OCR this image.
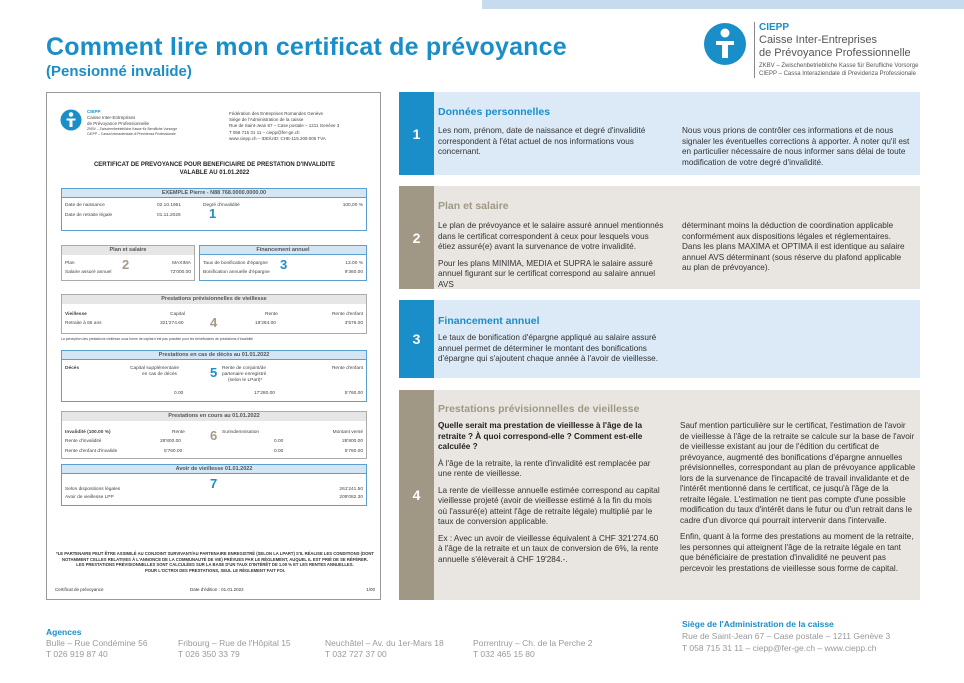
Comment lire mon certificat de prévoyance
(Pensionné invalide)
CIEPP
Caisse Inter-Entreprises
de Prévoyance Professionnelle
ZKBV – Zwischenbetriebliche Kasse für Berufliche Vorsorge
CIEPP – Cassa Interaziendale di Previdenza Professionale
CIEPP
Caisse Inter-Entreprises
de Prévoyance Professionnelle
ZKBV – Zwischenbetriebliche Kasse für Berufliche Vorsorge
CIEPP – Cassa Interaziendale di Previdenza Professionale
Fédération des Entreprises Romandes Genève
Siège de l'Administration de la caisse
Rue de Saint-Jean 67 – Case postale – 1211 Genève 3
T 058 715 31 11 – ciepp@fer-ge.ch
www.ciepp.ch – IDE/UID: CHE-115.209.005 TVA
CERTIFICAT DE PREVOYANCE POUR BENEFICIAIRE DE PRESTATION D'INVALIDITE
VALABLE AU 01.01.2022
EXEMPLE Pierre - N88 768.0000.0000.00
Date de naissance	02.10.1961
Date de retraite légale	01.11.2026
Degré d'invalidité	100,00 %
1
Plan et salaire
Plan	MAXIMA
Salaire assuré annuel	72'000.00
2
Financement annuel
Taux de bonification d'épargne	13.00 %
Bonification annuelle d'épargne	9'360.00
3
Prestations prévisionnelles de vieillesse
Vieillesse	Capital	Rente	Rente d'enfant
Retraite à 65 ans	321'274.60	19'284.00	3'576.00
4
La perception des prestations vieillesse sous forme de capital n'est pas possible pour les bénéficiaires de prestations d'invalidité
Prestations en cas de décès au 01.01.2022
Décès	Capital supplémentaire
en cas de décès
Rente de conjoint/de
partenaire enregistré
(selon le LPart)*
Rente d'enfant
0.00	17'280.00	5'760.00
5
Prestations en cours au 01.01.2022
Invalidité (100.00 %)	Rente	Surindemnisation	Montant versé
Rente d'invalidité	28'800.00	0.00	28'800.00
Rente d'enfant d'invalide	5'760.00	0.00	5'760.00
6
Avoir de vieillesse 01.01.2022
Selon dispositions légales	261'241.50
Avoir de vieillesse LPP	209'082.30
7
*LE PARTENAIRE PEUT ÊTRE ASSIMILÉ AU CONJOINT SURVIVANT/AU PARTENAIRE ENREGISTRÉ (SELON LA LPART) S'IL RÉALISE LES CONDITIONS (DONT
NOTAMMENT CELLES RELATIVES À L'ANNONCE DE LA COMMUNAUTÉ DE VIE) PRÉVUES PAR LE RÈGLEMENT, AUQUEL IL EST PRIÉ DE SE RÉFÉRER.
LES PRESTATIONS PRÉVISIONNELLES SONT CALCULÉES SUR LA BASE D'UN TAUX D'INTÉRÊT DE 1.00 % ET LES RENTES ANNUELLES.
POUR L'OCTROI DES PRESTATIONS, SEUL LE RÈGLEMENT FAIT FOI.
Certificat de prévoyance	Date d'édition : 01.01.2022	1/00
1
Données personnelles
Les nom, prénom, date de naissance et degré d'invalidité correspondent à l'état actuel de nos informations vous concernant.
Nous vous prions de contrôler ces informations et de nous signaler les éventuelles corrections à apporter. À noter qu'il est en particulier nécessaire de nous informer sans délai de toute modification de votre degré d'invalidité.
2
Plan et salaire

Le plan de prévoyance et le salaire assuré annuel mentionnés dans le certificat correspondent à ceux pour lesquels vous étiez assuré(e) avant la survenance de votre invalidité.

Pour les plans MINIMA, MEDIA et SUPRA le salaire assuré annuel figurant sur le certificat correspond au salaire annuel AVS

déterminant moins la déduction de coordination applicable conformément aux dispositions légales et réglementaires.
Dans les plans MAXIMA et OPTIMA il est identique au salaire annuel AVS déterminant (sous réserve du plafond applicable au plan de prévoyance).
3
Financement annuel
Le taux de bonification d'épargne appliqué au salaire assuré annuel permet de déterminer le montant des bonifications d'épargne qui s'ajoutent chaque année à l'avoir de vieillesse.
4
Prestations prévisionnelles de vieillesse

Quelle serait ma prestation de vieillesse à l'âge de la retraite ? À quoi correspond-elle ? Comment est-elle calculée ?

À l'âge de la retraite, la rente d'invalidité est remplacée par une rente de vieillesse.

La rente de vieillesse annuelle estimée correspond au capital vieillesse projeté (avoir de vieillesse estimé à la fin du mois où l'assuré(e) atteint l'âge de retraite légale) multiplié par le taux de conversion applicable.

Ex : Avec un avoir de vieillesse équivalent à CHF 321'274.60 à l'âge de la retraite et un taux de conversion de 6%, la rente annuelle s'élèverait à CHF 19'284.-.

Sauf mention particulière sur le certificat, l'estimation de l'avoir de vieillesse à l'âge de la retraite se calcule sur la base de l'avoir de vieillesse existant au jour de l'édition du certificat de prévoyance, augmenté des bonifications d'épargne annuelles prévisionnelles, correspondant au plan de prévoyance applicable lors de la survenance de l'incapacité de travail invalidante et de l'intérêt mentionné dans le certificat, ce jusqu'à l'âge de la retraite légale. L'estimation ne tient pas compte d'une possible modification du taux d'intérêt dans le futur ou d'un retrait dans le cadre d'un divorce qui pourrait intervenir dans l'intervalle.

Enfin, quant à la forme des prestations au moment de la retraite, les personnes qui atteignent l'âge de la retraite légale en tant que bénéficiaire de prestation d'invalidité ne peuvent pas percevoir les prestations de vieillesse sous forme de capital.

Agences
Bulle – Rue Condémine 56
T 026 919 87 40
Fribourg – Rue de l'Hôpital 15
T 026 350 33 79
Neuchâtel – Av. du 1er-Mars 18
T 032 727 37 00
Porrentruy – Ch. de la Perche 2
T 032 465 15 80
Siège de l'Administration de la caisse
Rue de Saint-Jean 67 – Case postale – 1211 Genève 3
T 058 715 31 11 – ciepp@fer-ge.ch – www.ciepp.ch
